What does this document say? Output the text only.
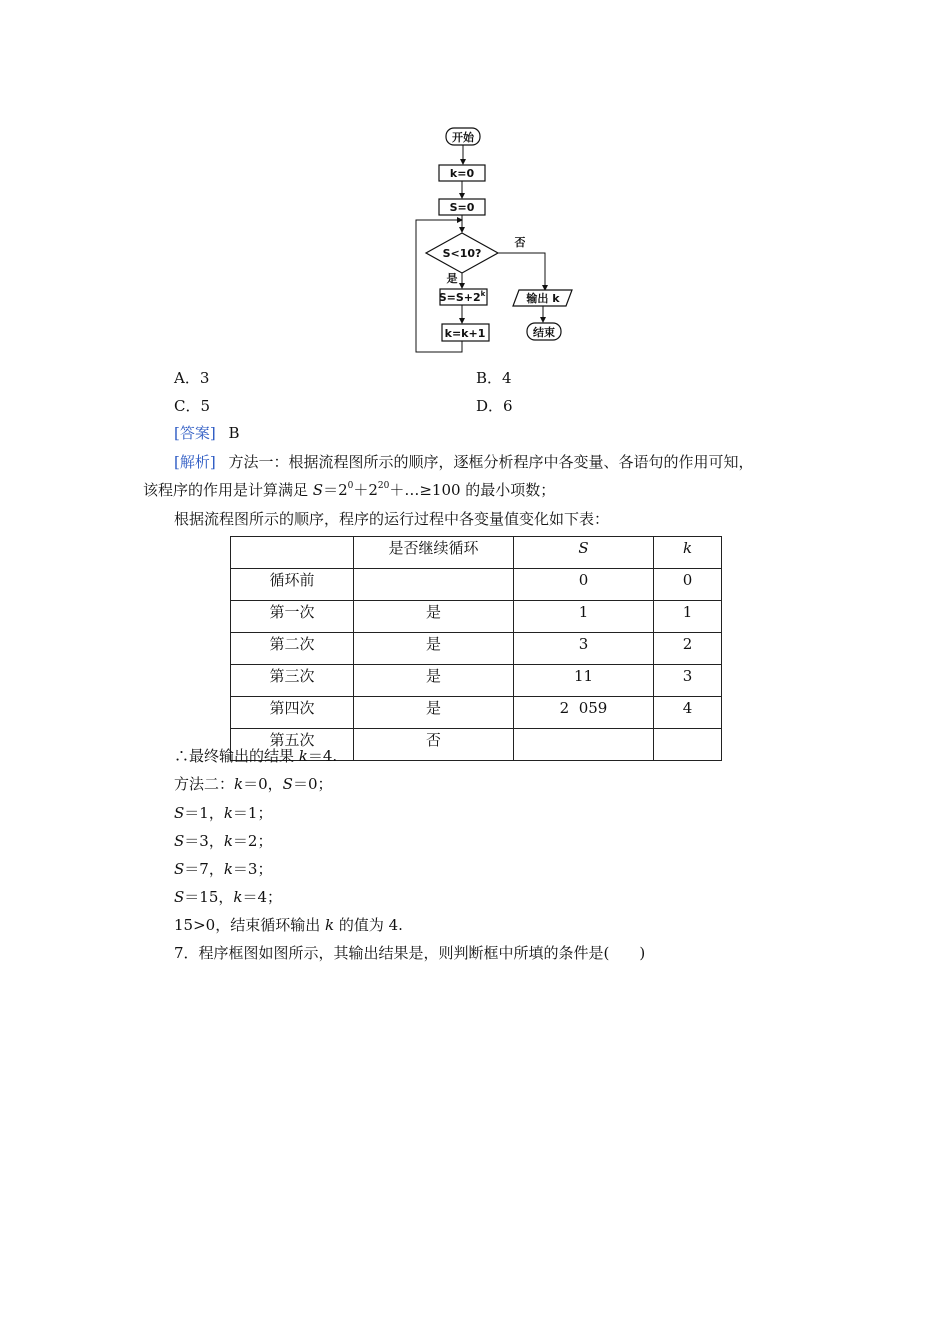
开始
k=0
S=0
S<10?
否
输出 k
结束
是
$S=S+2^k$
k=k+1
A．3	B．4
C．5	D．6
[答案] B
[解析] 方法一：根据流程图所示的顺序，逐框分析程序中各变量、各语句的作用可知，
该程序的作用是计算满足 $S=2^0+2^{20}+\dots\ge 100$ 的最小项数；
根据流程图所示的顺序，程序的运行过程中各变量值变化如下表：
	是否继续循环	S	k
循环前		0	0
第一次	是	1	1
第二次	是	3	2
第三次	是	11	3
第四次	是	2  059	4
第五次	否		
∴最终输出的结果 k＝4.
方法二：k＝0，S＝0；
S＝1，k＝1；
S＝3，k＝2；
S＝7，k＝3；
S＝15，k＝4；
15>0，结束循环输出 k 的值为 4.
7．程序框图如图所示，其输出结果是，则判断框中所填的条件是(　　)
